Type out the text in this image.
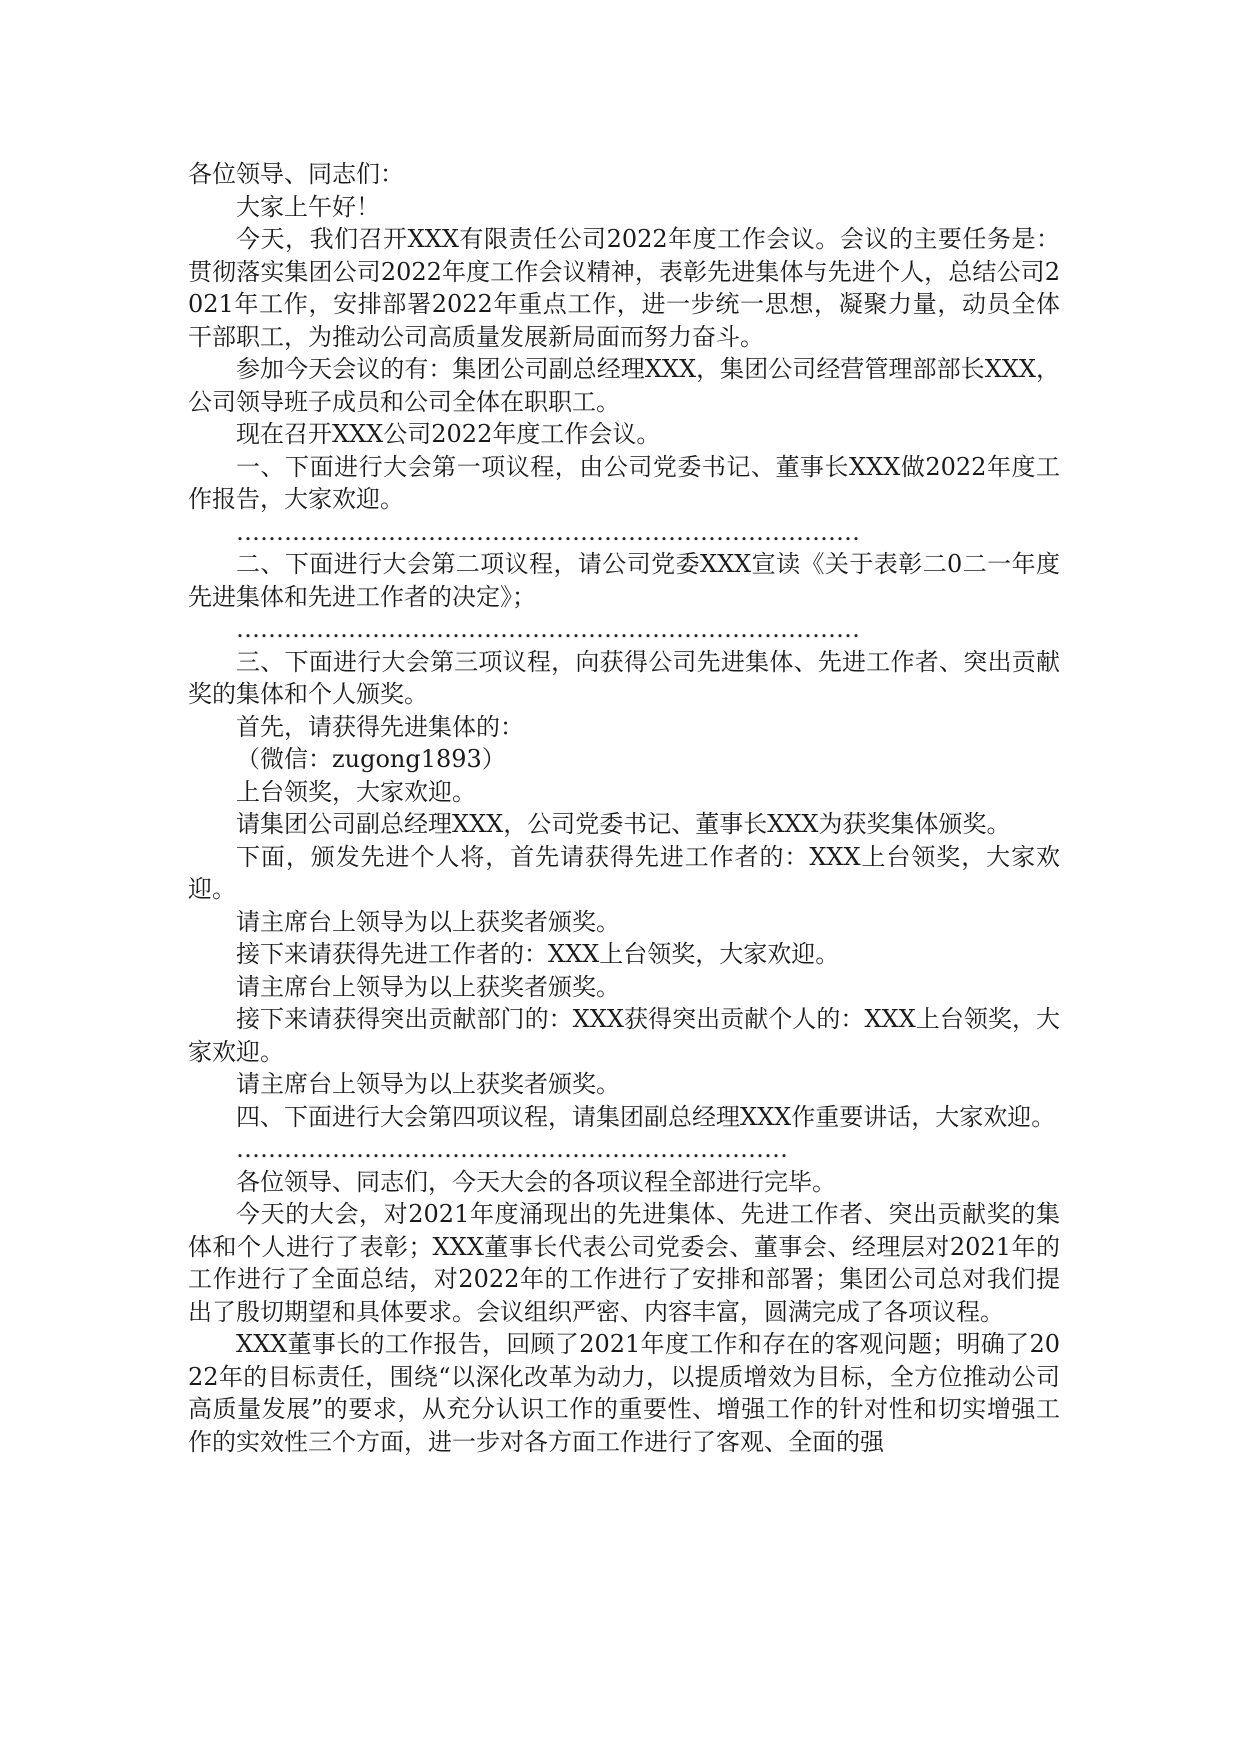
各位领导、同志们：

大家上午好！

今天，我们召开XXX有限责任公司2022年度工作会议。会议的主要任务是：贯彻落实集团公司2022年度工作会议精神，表彰先进集体与先进个人，总结公司2021年工作，安排部署2022年重点工作，进一步统一思想，凝聚力量，动员全体干部职工，为推动公司高质量发展新局面而努力奋斗。

参加今天会议的有：集团公司副总经理XXX，集团公司经营管理部部长XXX，公司领导班子成员和公司全体在职职工。

现在召开XXX公司2022年度工作会议。

一、下面进行大会第一项议程，由公司党委书记、董事长XXX做2022年度工作报告，大家欢迎。

……………………………………………………………………

二、下面进行大会第二项议程，请公司党委XXX宣读《关于表彰二0二一年度先进集体和先进工作者的决定》；

……………………………………………………………………

三、下面进行大会第三项议程，向获得公司先进集体、先进工作者、突出贡献奖的集体和个人颁奖。

首先，请获得先进集体的：

（微信：zugong1893）

上台领奖，大家欢迎。

请集团公司副总经理XXX，公司党委书记、董事长XXX为获奖集体颁奖。

下面，颁发先进个人将，首先请获得先进工作者的：XXX上台领奖，大家欢迎。

请主席台上领导为以上获奖者颁奖。

接下来请获得先进工作者的：XXX上台领奖，大家欢迎。

请主席台上领导为以上获奖者颁奖。

接下来请获得突出贡献部门的：XXX获得突出贡献个人的：XXX上台领奖，大家欢迎。

请主席台上领导为以上获奖者颁奖。

四、下面进行大会第四项议程，请集团副总经理XXX作重要讲话，大家欢迎。

……………………………………………………………

各位领导、同志们，今天大会的各项议程全部进行完毕。

今天的大会，对2021年度涌现出的先进集体、先进工作者、突出贡献奖的集体和个人进行了表彰；XXX董事长代表公司党委会、董事会、经理层对2021年的工作进行了全面总结，对2022年的工作进行了安排和部署；集团公司总对我们提出了殷切期望和具体要求。会议组织严密、内容丰富，圆满完成了各项议程。

XXX董事长的工作报告，回顾了2021年度工作和存在的客观问题；明确了2022年的目标责任，围绕“以深化改革为动力，以提质增效为目标，全方位推动公司高质量发展”的要求，从充分认识工作的重要性、增强工作的针对性和切实增强工作的实效性三个方面，进一步对各方面工作进行了客观、全面的强
